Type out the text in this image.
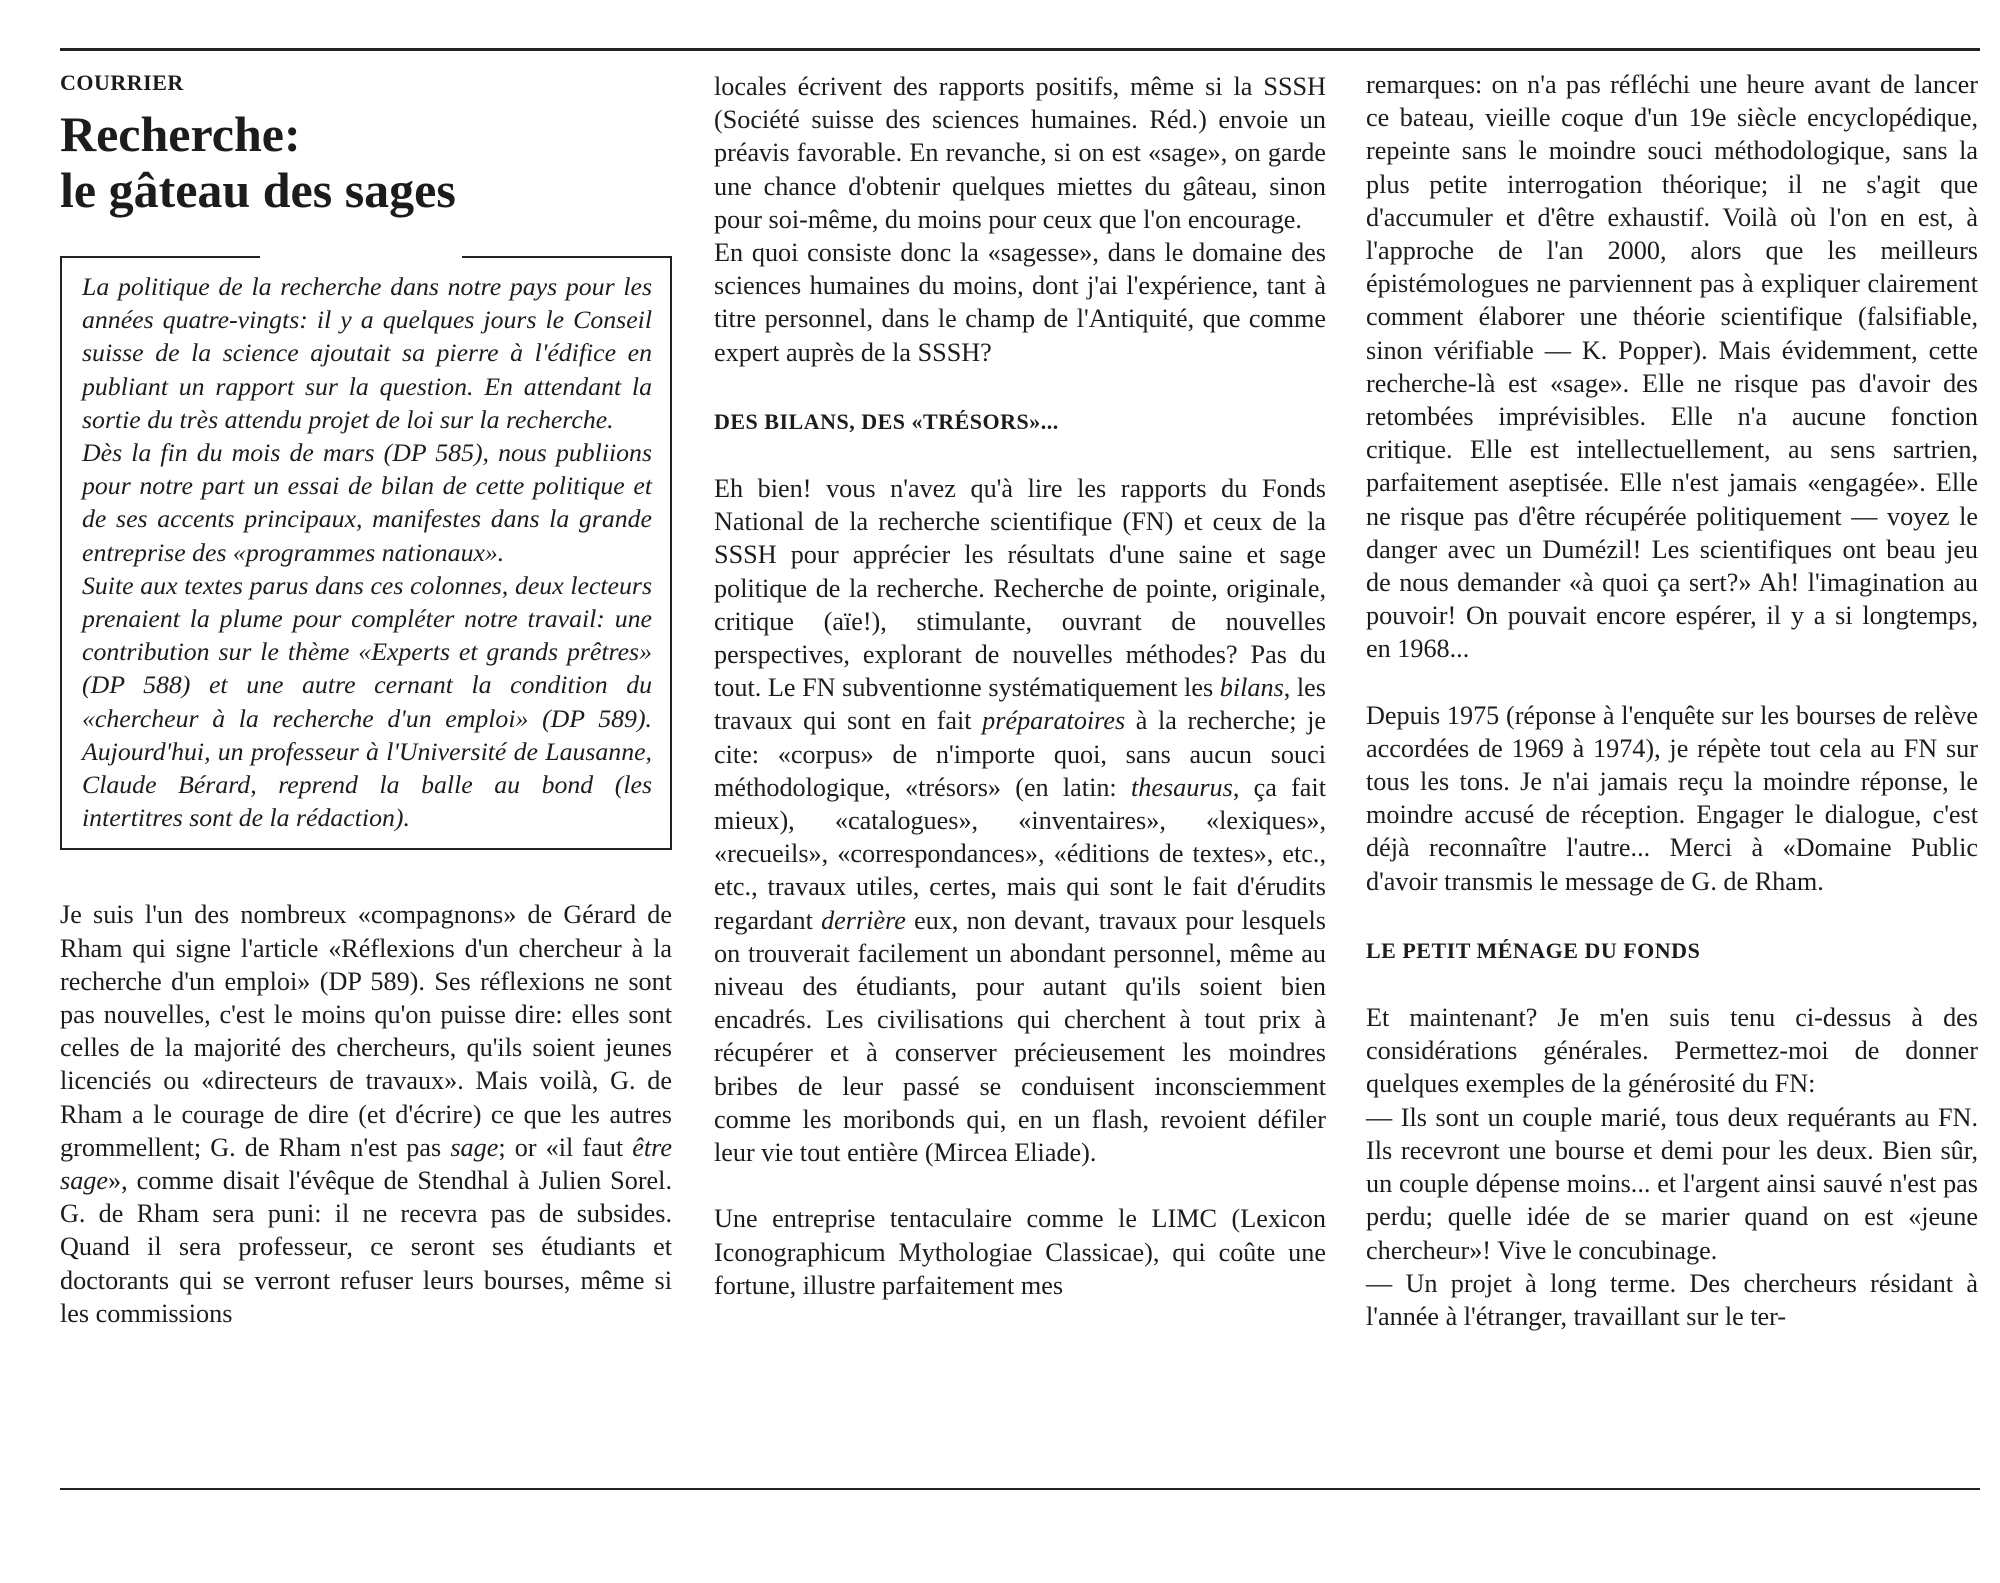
COURRIER
Recherche:
le gâteau des sages

La politique de la recherche dans notre pays pour les années quatre-vingts: il y a quelques jours le Conseil suisse de la science ajoutait sa pierre à l'édifice en publiant un rapport sur la question. En attendant la sortie du très attendu projet de loi sur la recherche.

Dès la fin du mois de mars (DP 585), nous publiions pour notre part un essai de bilan de cette politique et de ses accents principaux, manifestes dans la grande entreprise des «programmes nationaux».

Suite aux textes parus dans ces colonnes, deux lecteurs prenaient la plume pour compléter notre travail: une contribution sur le thème «Experts et grands prêtres» (DP 588) et une autre cernant la condition du «chercheur à la recherche d'un emploi» (DP 589). Aujourd'hui, un professeur à l'Université de Lausanne, Claude Bérard, reprend la balle au bond (les intertitres sont de la rédaction).

Je suis l'un des nombreux «compagnons» de Gérard de Rham qui signe l'article «Réflexions d'un chercheur à la recherche d'un emploi» (DP 589). Ses réflexions ne sont pas nouvelles, c'est le moins qu'on puisse dire: elles sont celles de la majorité des chercheurs, qu'ils soient jeunes licenciés ou «directeurs de travaux». Mais voilà, G. de Rham a le courage de dire (et d'écrire) ce que les autres grommellent; G. de Rham n'est pas sage; or «il faut être sage», comme disait l'évêque de Stendhal à Julien Sorel. G. de Rham sera puni: il ne recevra pas de subsides. Quand il sera professeur, ce seront ses étudiants et doctorants qui se verront refuser leurs bourses, même si les commissions

locales écrivent des rapports positifs, même si la SSSH (Société suisse des sciences humaines. Réd.) envoie un préavis favorable. En revanche, si on est «sage», on garde une chance d'obtenir quelques miettes du gâteau, sinon pour soi-même, du moins pour ceux que l'on encourage.

En quoi consiste donc la «sagesse», dans le domaine des sciences humaines du moins, dont j'ai l'expérience, tant à titre personnel, dans le champ de l'Antiquité, que comme expert auprès de la SSSH?

DES BILANS, DES «TRÉSORS»...

Eh bien! vous n'avez qu'à lire les rapports du Fonds National de la recherche scientifique (FN) et ceux de la SSSH pour apprécier les résultats d'une saine et sage politique de la recherche. Recherche de pointe, originale, critique (aïe!), stimulante, ouvrant de nouvelles perspectives, explorant de nouvelles méthodes? Pas du tout. Le FN subventionne systématiquement les bilans, les travaux qui sont en fait préparatoires à la recherche; je cite: «corpus» de n'importe quoi, sans aucun souci méthodologique, «trésors» (en latin: thesaurus, ça fait mieux), «catalogues», «inventaires», «lexiques», «recueils», «correspondances», «éditions de textes», etc., etc., travaux utiles, certes, mais qui sont le fait d'érudits regardant derrière eux, non devant, travaux pour lesquels on trouverait facilement un abondant personnel, même au niveau des étudiants, pour autant qu'ils soient bien encadrés. Les civilisations qui cherchent à tout prix à récupérer et à conserver précieusement les moindres bribes de leur passé se conduisent inconsciemment comme les moribonds qui, en un flash, revoient défiler leur vie tout entière (Mircea Eliade).

Une entreprise tentaculaire comme le LIMC (Lexicon Iconographicum Mythologiae Classicae), qui coûte une fortune, illustre parfaitement mes

remarques: on n'a pas réfléchi une heure avant de lancer ce bateau, vieille coque d'un 19e siècle encyclopédique, repeinte sans le moindre souci méthodologique, sans la plus petite interrogation théorique; il ne s'agit que d'accumuler et d'être exhaustif. Voilà où l'on en est, à l'approche de l'an 2000, alors que les meilleurs épistémologues ne parviennent pas à expliquer clairement comment élaborer une théorie scientifique (falsifiable, sinon vérifiable — K. Popper). Mais évidemment, cette recherche-là est «sage». Elle ne risque pas d'avoir des retombées imprévisibles. Elle n'a aucune fonction critique. Elle est intellectuellement, au sens sartrien, parfaitement aseptisée. Elle n'est jamais «engagée». Elle ne risque pas d'être récupérée politiquement — voyez le danger avec un Dumézil! Les scientifiques ont beau jeu de nous demander «à quoi ça sert?» Ah! l'imagination au pouvoir! On pouvait encore espérer, il y a si longtemps, en 1968...

Depuis 1975 (réponse à l'enquête sur les bourses de relève accordées de 1969 à 1974), je répète tout cela au FN sur tous les tons. Je n'ai jamais reçu la moindre réponse, le moindre accusé de réception. Engager le dialogue, c'est déjà reconnaître l'autre... Merci à «Domaine Public d'avoir transmis le message de G. de Rham.

LE PETIT MÉNAGE DU FONDS

Et maintenant? Je m'en suis tenu ci-dessus à des considérations générales. Permettez-moi de donner quelques exemples de la générosité du FN:

— Ils sont un couple marié, tous deux requérants au FN. Ils recevront une bourse et demi pour les deux. Bien sûr, un couple dépense moins... et l'argent ainsi sauvé n'est pas perdu; quelle idée de se marier quand on est «jeune chercheur»! Vive le concubinage.

— Un projet à long terme. Des chercheurs résidant à l'année à l'étranger, travaillant sur le ter-
